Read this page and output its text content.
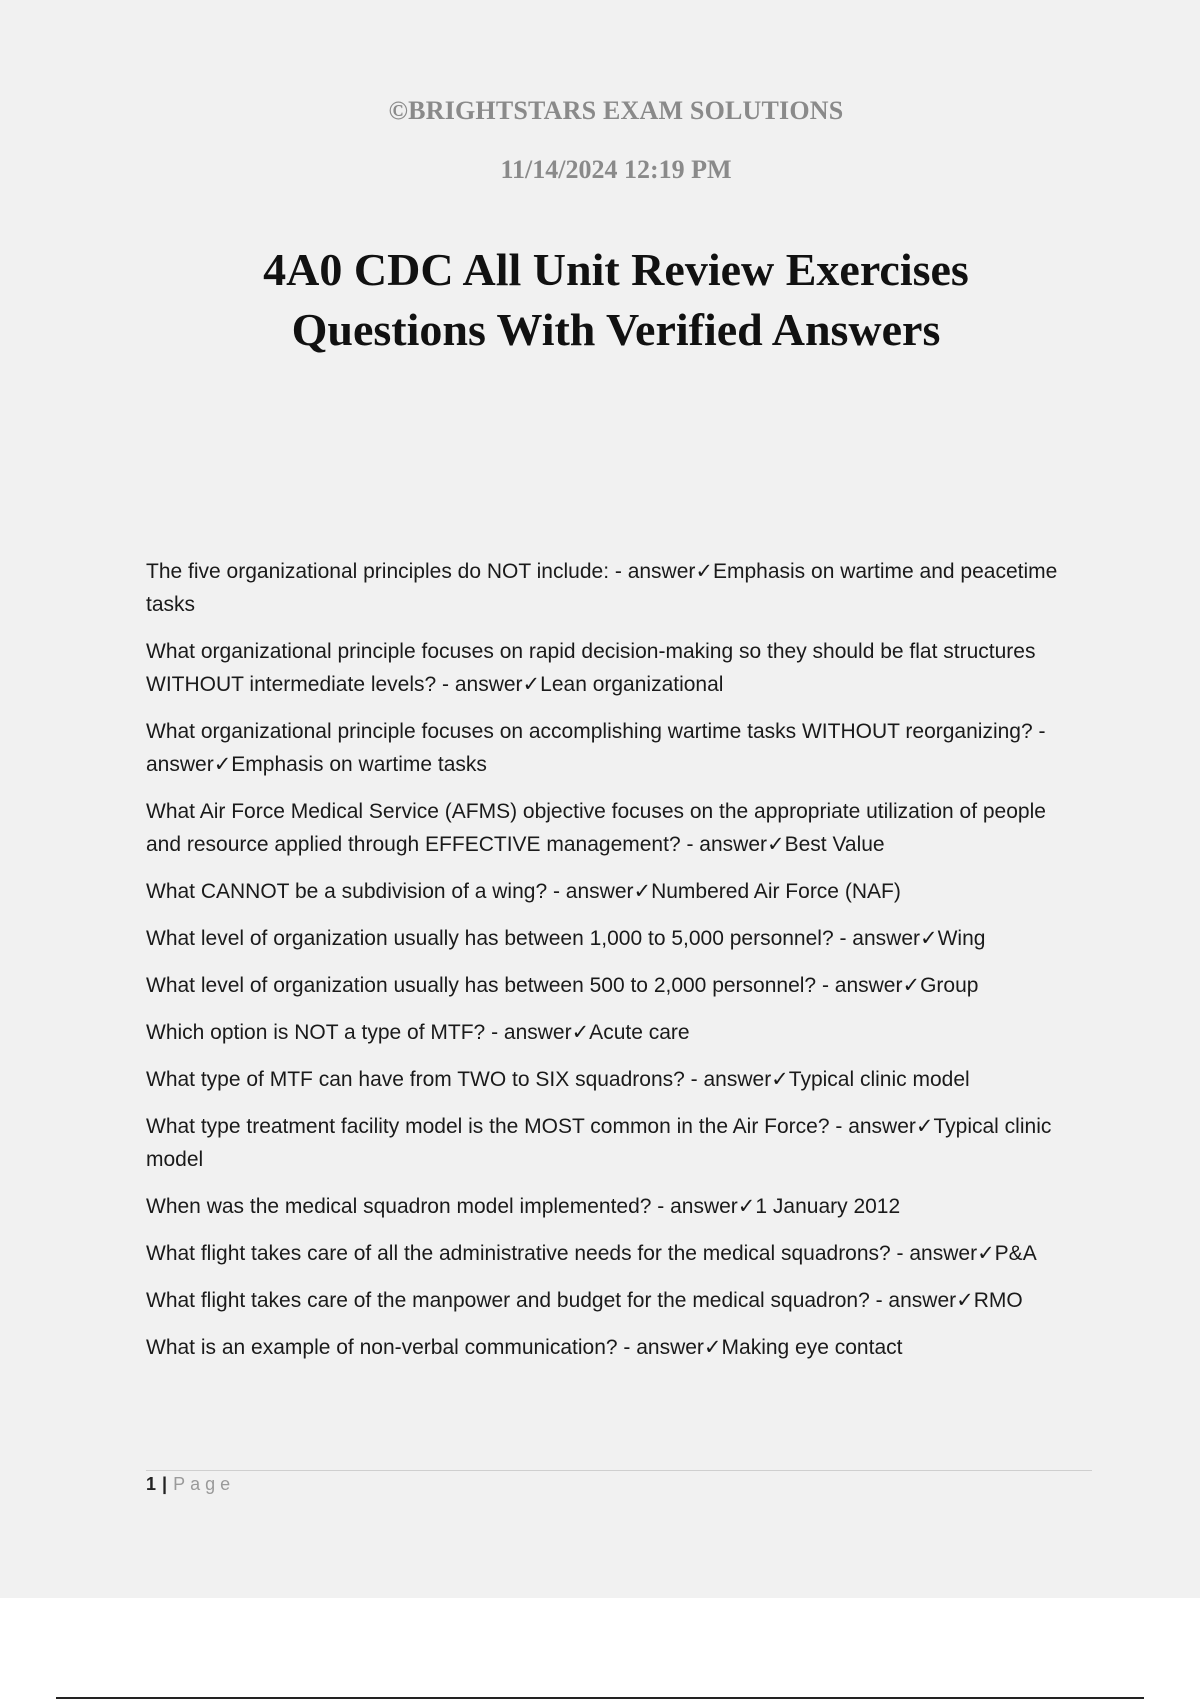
©BRIGHTSTARS EXAM SOLUTIONS
11/14/2024 12:19 PM
4A0 CDC All Unit Review Exercises
Questions With Verified Answers
The five organizational principles do NOT include: - answer✓Emphasis on wartime and peacetime tasks
What organizational principle focuses on rapid decision-making so they should be flat structures WITHOUT intermediate levels? - answer✓Lean organizational
What organizational principle focuses on accomplishing wartime tasks WITHOUT reorganizing? - answer✓Emphasis on wartime tasks
What Air Force Medical Service (AFMS) objective focuses on the appropriate utilization of people and resource applied through EFFECTIVE management? - answer✓Best Value
What CANNOT be a subdivision of a wing? - answer✓Numbered Air Force (NAF)
What level of organization usually has between 1,000 to 5,000 personnel? - answer✓Wing
What level of organization usually has between 500 to 2,000 personnel? - answer✓Group
Which option is NOT a type of MTF? - answer✓Acute care
What type of MTF can have from TWO to SIX squadrons? - answer✓Typical clinic model
What type treatment facility model is the MOST common in the Air Force? - answer✓Typical clinic model
When was the medical squadron model implemented? - answer✓1 January 2012
What flight takes care of all the administrative needs for the medical squadrons? - answer✓P&A
What flight takes care of the manpower and budget for the medical squadron? - answer✓RMO
What is an example of non-verbal communication? - answer✓Making eye contact
1 | Page
